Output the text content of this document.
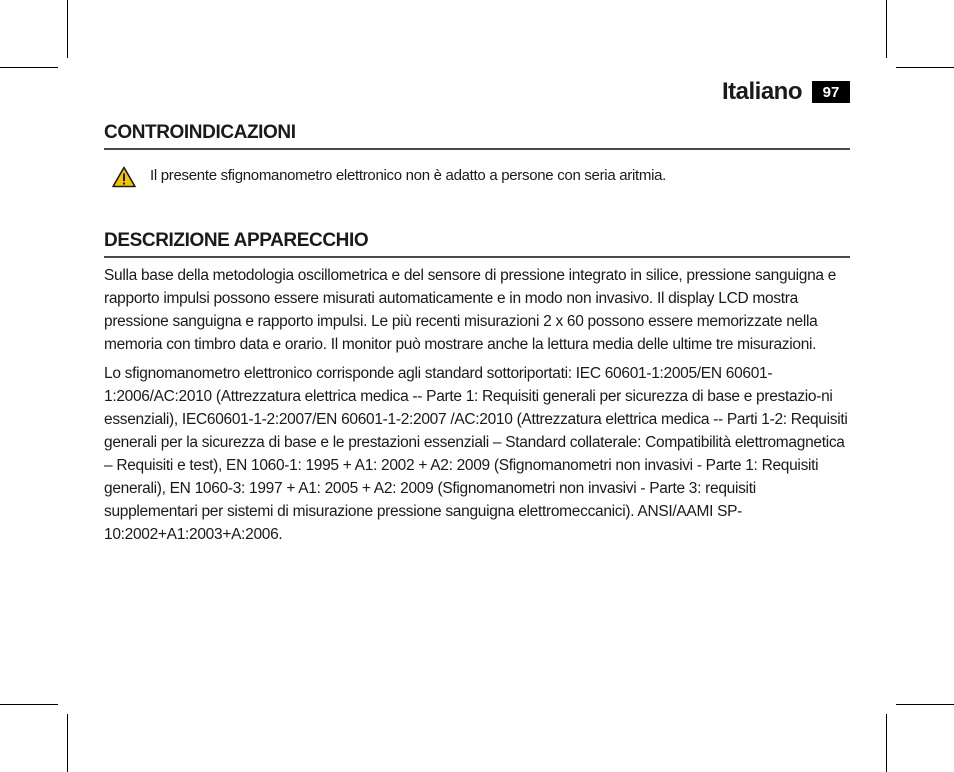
Italiano	97
CONTROINDICAZIONI
Il presente sfignomanometro elettronico non è adatto a persone con seria aritmia.
DESCRIZIONE APPARECCHIO

Sulla base della metodologia oscillometrica e del sensore di pressione integrato in silice, pressione sanguigna e rapporto impulsi possono essere misurati automaticamente e in modo non invasivo. Il display LCD mostra pressione sanguigna e rapporto impulsi. Le più recenti misurazioni 2 x 60 possono essere memorizzate nella memoria con timbro data e orario. Il monitor può mostrare anche la lettura media delle ultime tre misurazioni.

Lo sfignomanometro elettronico corrisponde agli standard sottoriportati: IEC 60601-1:2005/EN 60601-1:2006/AC:2010 (Attrezzatura elettrica medica -- Parte 1: Requisiti generali per sicurezza di base e prestazio-ni essenziali), IEC60601-1-2:2007/EN 60601-1-2:2007 /AC:2010 (Attrezzatura elettrica medica -- Parti 1-2: Requisiti generali per la sicurezza di base e le prestazioni essenziali – Standard collaterale: Compatibilità elettromagnetica – Requisiti e test), EN 1060-1: 1995 + A1: 2002 + A2: 2009 (Sfignomanometri non invasivi - Parte 1: Requisiti generali), EN 1060-3: 1997 + A1: 2005 + A2: 2009 (Sfignomanometri non invasivi - Parte 3: requisiti supplementari per sistemi di misurazione pressione sanguigna elettromeccanici). ANSI/AAMI SP-10:2002+A1:2003+A:2006.
